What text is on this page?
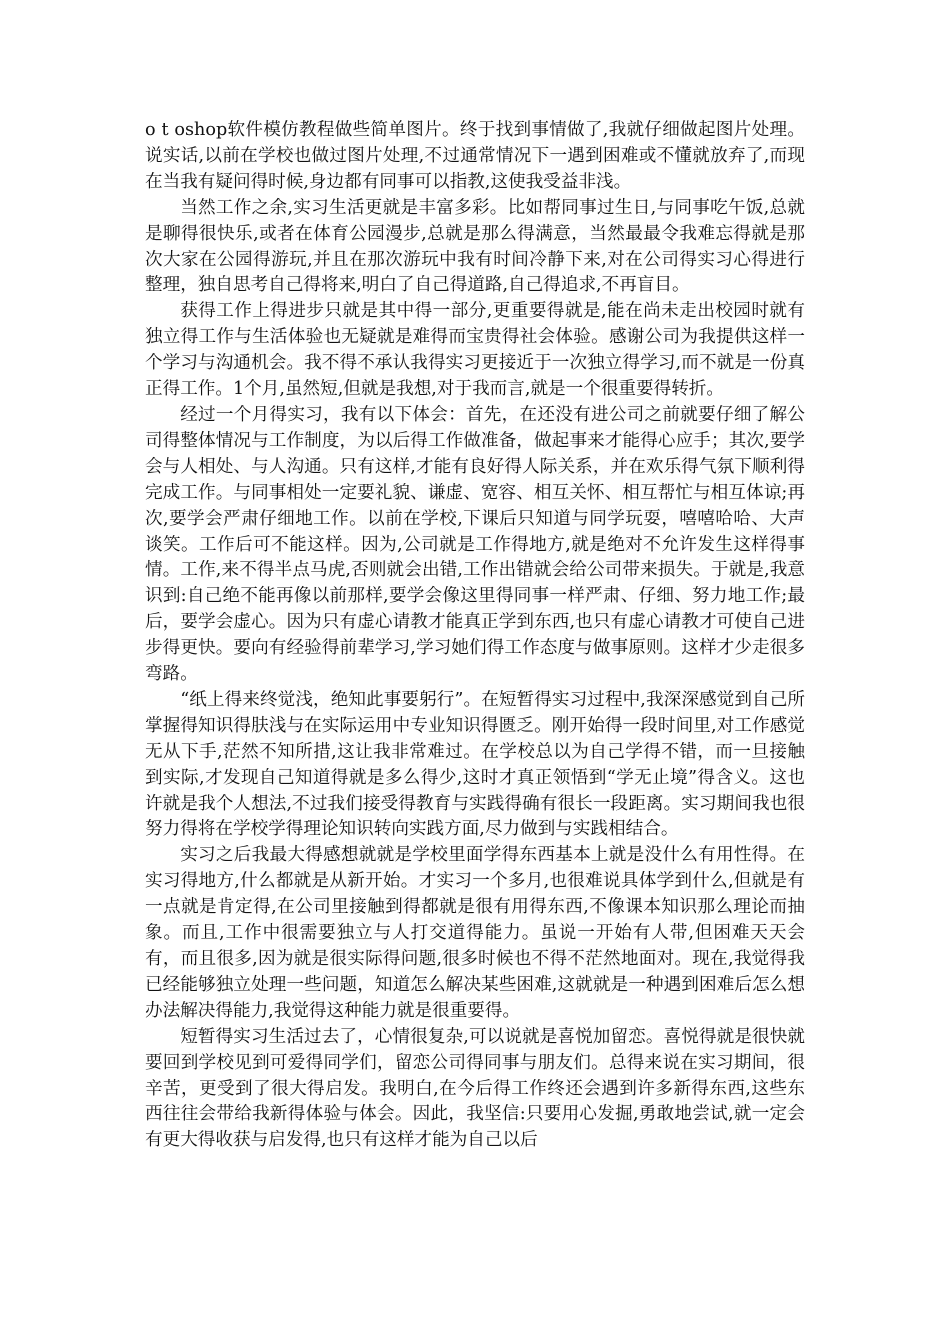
o t oshop软件模仿教程做些简单图片。终于找到事情做了,我就仔细做起图片处理。说实话,以前在学校也做过图片处理,不过通常情况下一遇到困难或不懂就放弃了,而现在当我有疑问得时候,身边都有同事可以指教,这使我受益非浅。

当然工作之余,实习生活更就是丰富多彩。比如帮同事过生日,与同事吃午饭,总就是聊得很快乐,或者在体育公园漫步,总就是那么得满意，当然最最令我难忘得就是那次大家在公园得游玩,并且在那次游玩中我有时间冷静下来,对在公司得实习心得进行整理，独自思考自己得将来,明白了自己得道路,自己得追求,不再盲目。

获得工作上得进步只就是其中得一部分,更重要得就是,能在尚未走出校园时就有独立得工作与生活体验也无疑就是难得而宝贵得社会体验。感谢公司为我提供这样一个学习与沟通机会。我不得不承认我得实习更接近于一次独立得学习,而不就是一份真正得工作。1个月,虽然短,但就是我想,对于我而言,就是一个很重要得转折。

经过一个月得实习，我有以下体会：首先，在还没有进公司之前就要仔细了解公司得整体情况与工作制度，为以后得工作做准备，做起事来才能得心应手；其次,要学会与人相处、与人沟通。只有这样,才能有良好得人际关系，并在欢乐得气氛下顺利得完成工作。与同事相处一定要礼貌、谦虚、宽容、相互关怀、相互帮忙与相互体谅;再次,要学会严肃仔细地工作。以前在学校,下课后只知道与同学玩耍，嘻嘻哈哈、大声谈笑。工作后可不能这样。因为,公司就是工作得地方,就是绝对不允许发生这样得事情。工作,来不得半点马虎,否则就会出错,工作出错就会给公司带来损失。于就是,我意识到:自己绝不能再像以前那样,要学会像这里得同事一样严肃、仔细、努力地工作;最后，要学会虚心。因为只有虚心请教才能真正学到东西,也只有虚心请教才可使自己进步得更快。要向有经验得前辈学习,学习她们得工作态度与做事原则。这样才少走很多弯路。

“纸上得来终觉浅，绝知此事要躬行”。在短暂得实习过程中,我深深感觉到自己所掌握得知识得肤浅与在实际运用中专业知识得匮乏。刚开始得一段时间里,对工作感觉无从下手,茫然不知所措,这让我非常难过。在学校总以为自己学得不错，而一旦接触到实际,才发现自己知道得就是多么得少,这时才真正领悟到“学无止境”得含义。这也许就是我个人想法,不过我们接受得教育与实践得确有很长一段距离。实习期间我也很努力得将在学校学得理论知识转向实践方面,尽力做到与实践相结合。

实习之后我最大得感想就就是学校里面学得东西基本上就是没什么有用性得。在实习得地方,什么都就是从新开始。才实习一个多月,也很难说具体学到什么,但就是有一点就是肯定得,在公司里接触到得都就是很有用得东西,不像课本知识那么理论而抽象。而且,工作中很需要独立与人打交道得能力。虽说一开始有人带,但困难天天会有，而且很多,因为就是很实际得问题,很多时候也不得不茫然地面对。现在,我觉得我已经能够独立处理一些问题，知道怎么解决某些困难,这就就是一种遇到困难后怎么想办法解决得能力,我觉得这种能力就是很重要得。

短暂得实习生活过去了，心情很复杂,可以说就是喜悦加留恋。喜悦得就是很快就要回到学校见到可爱得同学们，留恋公司得同事与朋友们。总得来说在实习期间，很辛苦，更受到了很大得启发。我明白,在今后得工作终还会遇到许多新得东西,这些东西往往会带给我新得体验与体会。因此，我坚信:只要用心发掘,勇敢地尝试,就一定会有更大得收获与启发得,也只有这样才能为自己以后
